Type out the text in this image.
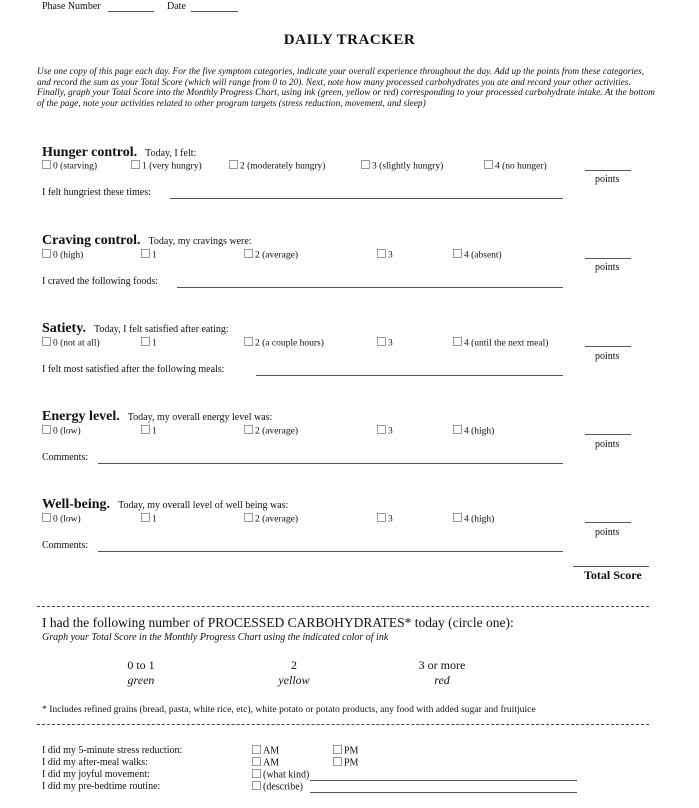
Phase Number	Date
DAILY TRACKER
Use one copy of this page each day. For the five symptom categories, indicate your overall experience throughout the day. Add up the points from these categories, and record the sum as your Total Score (which will range from 0 to 20). Next, note how many processed carbohydrates you ate and record your other activities. Finally, graph your Total Score into the Monthly Progress Chart, using ink (green, yellow or red) corresponding to your processed carbohydrate intake. At the bottom of the page, note your activities related to other program targets (stress reduction, movement, and sleep)
Hunger control. Today, I felt:
0 (starving)	1 (very hungry)	2 (moderately hungry)	3 (slightly hungry)	4 (no hunger)
points
I felt hungriest these times:
Craving control. Today, my cravings were:
0 (high)	1	2 (average)	3	4 (absent)
points
I craved the following foods:
Satiety. Today, I felt satisfied after eating:
0 (not at all)	1	2 (a couple hours)	3	4 (until the next meal)
points
I felt most satisfied after the following meals:
Energy level. Today, my overall energy level was:
0 (low)	1	2 (average)	3	4 (high)
points
Comments:
Well-being. Today, my overall level of well being was:
0 (low)	1	2 (average)	3	4 (high)
points
Comments:
Total Score
I had the following number of PROCESSED CARBOHYDRATES* today (circle one):
Graph your Total Score in the Monthly Progress Chart using the indicated color of ink
0 to 1
green
2
yellow
3 or more
red
* Includes refined grains (bread, pasta, white rice, etc), white potato or potato products, any food with added sugar and fruitjuice
I did my 5-minute stress reduction:	AM	PM
I did my after-meal walks:	AM	PM
I did my joyful movement:	(what kind)
I did my pre-bedtime routine:	(describe)
